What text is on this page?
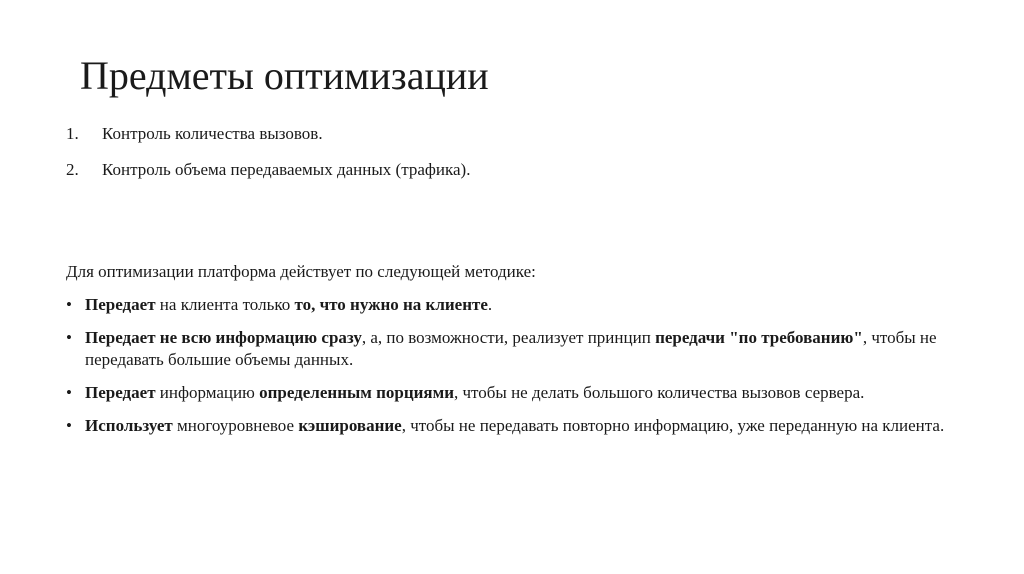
Предметы оптимизации
1.	Контроль количества вызовов.
2.	Контроль объема передаваемых данных (трафика).

Для оптимизации платформа действует по следующей методике:

• Передает на клиента только то, что нужно на клиенте.
• Передает не всю информацию сразу, а, по возможности, реализует принцип передачи "по требованию", чтобы не передавать большие объемы данных.
• Передает информацию определенным порциями, чтобы не делать большого количества вызовов сервера.
• Использует многоуровневое кэширование, чтобы не передавать повторно информацию, уже переданную на клиента.
